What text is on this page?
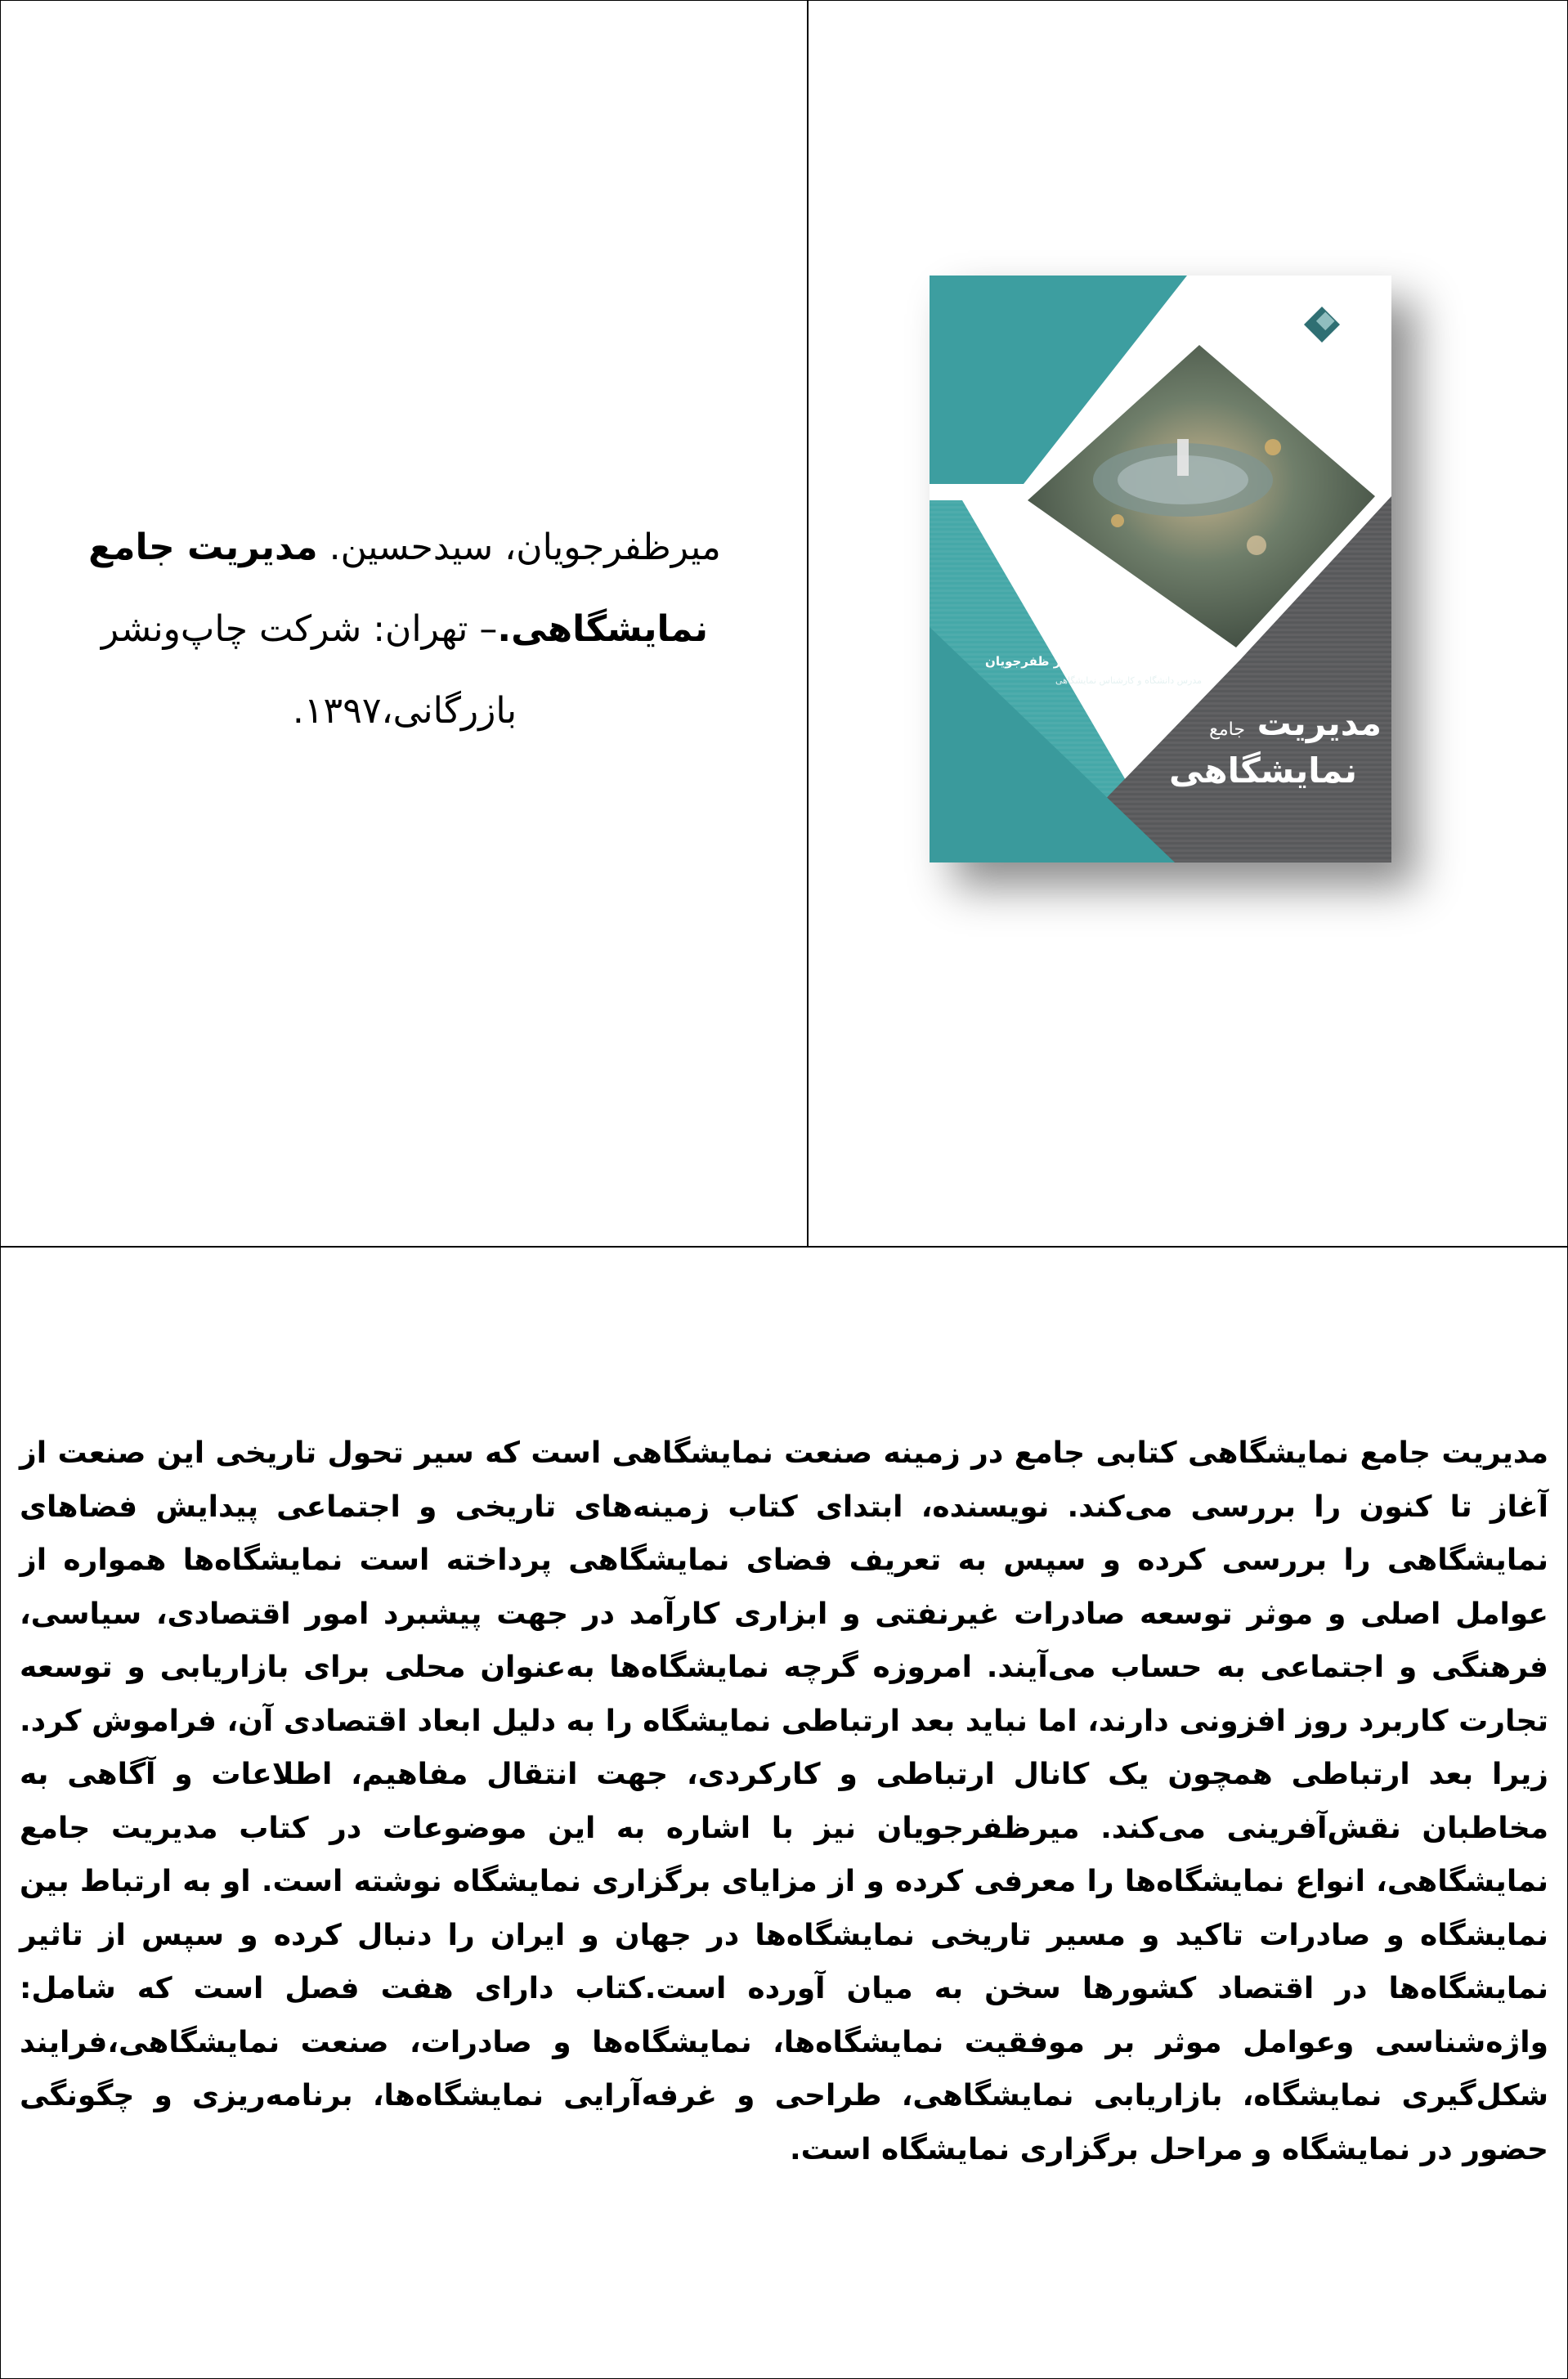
میرظفرجویان، سیدحسین. مدیریت جامع نمایشگاهی.– تهران: شرکت چاپ‌ونشر بازرگانی،۱۳۹۷.
نویسنده: سید حسین میر ظفرجویان
مدرس دانشگاه و کارشناس نمایشگاهی
مدیریت جامع
نمایشگاهی
مدیریت جامع نمایشگاهی کتابی جامع در زمینه صنعت نمایشگاهی است که سیر تحول تاریخی این صنعت از آغاز تا کنون را بررسی می‌کند. نویسنده، ابتدای کتاب زمینه‌های تاریخی و اجتماعی پیدایش فضاهای نمایشگاهی را بررسی کرده و سپس به تعریف فضای نمایشگاهی پرداخته است نمایشگاه‌ها همواره از عوامل اصلی و موثر توسعه صادرات غیرنفتی و ابزاری کارآمد در جهت پیشبرد امور اقتصادی، سیاسی، فرهنگی و اجتماعی به حساب می‌آیند. امروزه گرچه نمایشگاه‌ها به‌عنوان محلی برای بازاریابی و توسعه تجارت کاربرد روز افزونی دارند، اما نباید بعد ارتباطی نمایشگاه را به دلیل ابعاد اقتصادی آن، فراموش کرد. زیرا بعد ارتباطی همچون یک کانال ارتباطی و کارکردی، جهت انتقال مفاهیم، اطلاعات و آگاهی به مخاطبان نقش‌آفرینی می‌کند. میرظفرجویان نیز با اشاره به این موضوعات در کتاب مدیریت جامع نمایشگاهی، انواع نمایشگاه‌ها را معرفی کرده و از مزایای برگزاری نمایشگاه نوشته است. او به ارتباط بین نمایشگاه و صادرات تاکید و مسیر تاریخی نمایشگاه‌ها در جهان و ایران را دنبال کرده و سپس از تاثیر نمایشگاه‌ها در اقتصاد کشورها سخن به میان آورده است.کتاب دارای هفت فصل است که شامل: واژه‌شناسی وعوامل موثر بر موفقیت نمایشگاه‌ها، نمایشگاه‌ها و صادرات، صنعت نمایشگاهی،فرایند شکل‌گیری نمایشگاه، بازاریابی نمایشگاهی، طراحی و غرفه‌آرایی نمایشگاه‌ها، برنامه‌ریزی و چگونگی حضور در نمایشگاه و مراحل برگزاری نمایشگاه است.
